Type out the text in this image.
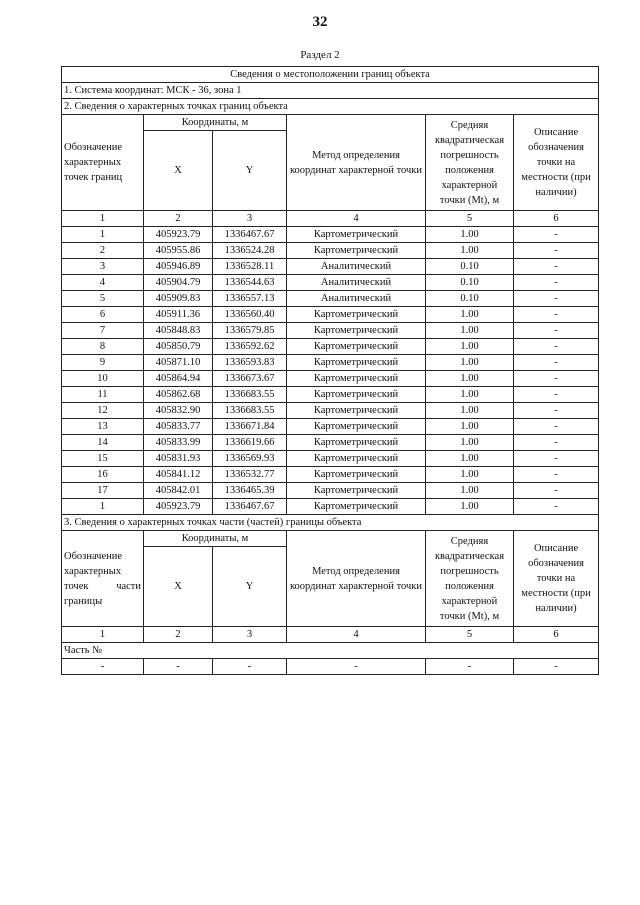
32
Раздел 2
Сведения о местоположении границ объекта					
1. Система координат: МСК - 36, зона 1					
2. Сведения о характерных точках границ объекта					
Обозначение характерных точек границ	Координаты, м		Метод определения координат характерной точки	Средняя квадратическая погрешность положения характерной точки (Mt), м	Описание обозначения точки на местности (при наличии)
	X	Y			
1	2	3	4	5	6
1	405923.79	1336467.67	Картометрический	1.00	-
2	405955.86	1336524.28	Картометрический	1.00	-
3	405946.89	1336528.11	Аналитический	0.10	-
4	405904.79	1336544.63	Аналитический	0.10	-
5	405909.83	1336557.13	Аналитический	0.10	-
6	405911.36	1336560.40	Картометрический	1.00	-
7	405848.83	1336579.85	Картометрический	1.00	-
8	405850.79	1336592.62	Картометрический	1.00	-
9	405871.10	1336593.83	Картометрический	1.00	-
10	405864.94	1336673.67	Картометрический	1.00	-
11	405862.68	1336683.55	Картометрический	1.00	-
12	405832.90	1336683.55	Картометрический	1.00	-
13	405833.77	1336671.84	Картометрический	1.00	-
14	405833.99	1336619.66	Картометрический	1.00	-
15	405831.93	1336569.93	Картометрический	1.00	-
16	405841.12	1336532.77	Картометрический	1.00	-
17	405842.01	1336465.39	Картометрический	1.00	-
1	405923.79	1336467.67	Картометрический	1.00	-
3. Сведения о характерных точках части (частей) границы объекта					
Обозначение характерных точек части границы	Координаты, м		Метод определения координат характерной точки	Средняя квадратическая погрешность положения характерной точки (Mt), м	Описание обозначения точки на местности (при наличии)
	X	Y			
1	2	3	4	5	6
Часть №					
-	-	-	-	-	-
